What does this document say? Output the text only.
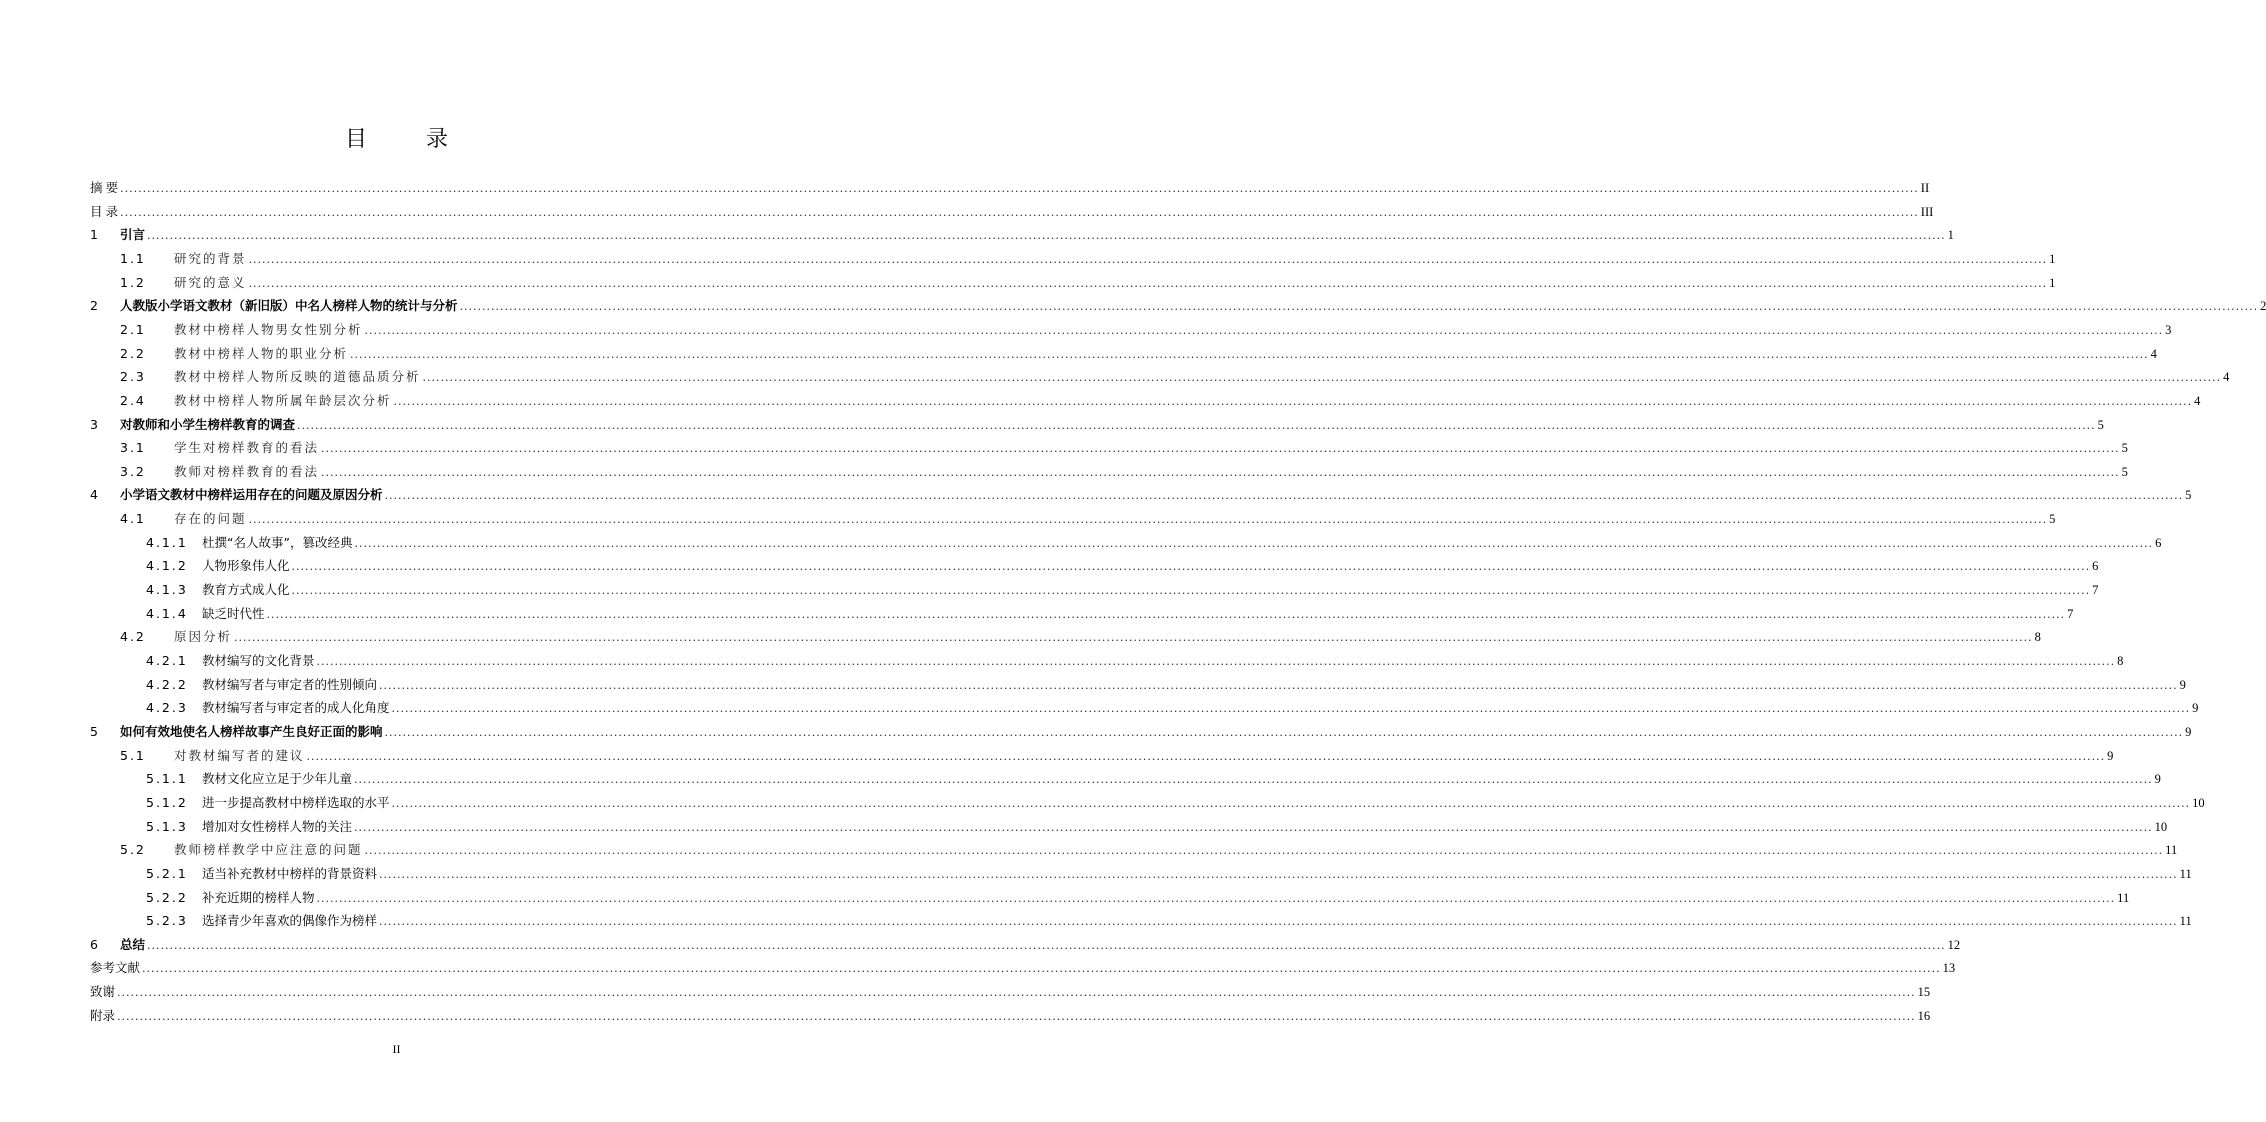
目 录
摘 要 ................................................................................................................................................................................................................................................................................................................................................................................................................ II
目 录 ................................................................................................................................................................................................................................................................................................................................................................................................................ III
1	引言 ................................................................................................................................................................................................................................................................................................................................................................................................................ 1
1.1	研究的背景 ................................................................................................................................................................................................................................................................................................................................................................................................................ 1
1.2	研究的意义 ................................................................................................................................................................................................................................................................................................................................................................................................................ 1
2	人教版小学语文教材（新旧版）中名人榜样人物的统计与分析 ................................................................................................................................................................................................................................................................................................................................................................................................................ 2
2.1	教材中榜样人物男女性别分析 ................................................................................................................................................................................................................................................................................................................................................................................................................ 3
2.2	教材中榜样人物的职业分析 ................................................................................................................................................................................................................................................................................................................................................................................................................ 4
2.3	教材中榜样人物所反映的道德品质分析 ................................................................................................................................................................................................................................................................................................................................................................................................................ 4
2.4	教材中榜样人物所属年龄层次分析 ................................................................................................................................................................................................................................................................................................................................................................................................................ 4
3	对教师和小学生榜样教育的调查 ................................................................................................................................................................................................................................................................................................................................................................................................................ 5
3.1	学生对榜样教育的看法 ................................................................................................................................................................................................................................................................................................................................................................................................................ 5
3.2	教师对榜样教育的看法 ................................................................................................................................................................................................................................................................................................................................................................................................................ 5
4	小学语文教材中榜样运用存在的问题及原因分析 ................................................................................................................................................................................................................................................................................................................................................................................................................ 5
4.1	存在的问题 ................................................................................................................................................................................................................................................................................................................................................................................................................ 5
4.1.1	杜撰“名人故事”，篡改经典 ................................................................................................................................................................................................................................................................................................................................................................................................................ 6
4.1.2	人物形象伟人化 ................................................................................................................................................................................................................................................................................................................................................................................................................ 6
4.1.3	教育方式成人化 ................................................................................................................................................................................................................................................................................................................................................................................................................ 7
4.1.4	缺乏时代性 ................................................................................................................................................................................................................................................................................................................................................................................................................ 7
4.2	原因分析 ................................................................................................................................................................................................................................................................................................................................................................................................................ 8
4.2.1	教材编写的文化背景 ................................................................................................................................................................................................................................................................................................................................................................................................................ 8
4.2.2	教材编写者与审定者的性别倾向 ................................................................................................................................................................................................................................................................................................................................................................................................................ 9
4.2.3	教材编写者与审定者的成人化角度 ................................................................................................................................................................................................................................................................................................................................................................................................................ 9
5	如何有效地使名人榜样故事产生良好正面的影响 ................................................................................................................................................................................................................................................................................................................................................................................................................ 9
5.1	对教材编写者的建议 ................................................................................................................................................................................................................................................................................................................................................................................................................ 9
5.1.1	教材文化应立足于少年儿童 ................................................................................................................................................................................................................................................................................................................................................................................................................ 9
5.1.2	进一步提高教材中榜样选取的水平 ................................................................................................................................................................................................................................................................................................................................................................................................................ 10
5.1.3	增加对女性榜样人物的关注 ................................................................................................................................................................................................................................................................................................................................................................................................................ 10
5.2	教师榜样教学中应注意的问题 ................................................................................................................................................................................................................................................................................................................................................................................................................ 11
5.2.1	适当补充教材中榜样的背景资料 ................................................................................................................................................................................................................................................................................................................................................................................................................ 11
5.2.2	补充近期的榜样人物 ................................................................................................................................................................................................................................................................................................................................................................................................................ 11
5.2.3	选择青少年喜欢的偶像作为榜样 ................................................................................................................................................................................................................................................................................................................................................................................................................ 11
6	总结 ................................................................................................................................................................................................................................................................................................................................................................................................................ 12
参考文献 ................................................................................................................................................................................................................................................................................................................................................................................................................ 13
致谢 ................................................................................................................................................................................................................................................................................................................................................................................................................ 15
附录 ................................................................................................................................................................................................................................................................................................................................................................................................................ 16
II
